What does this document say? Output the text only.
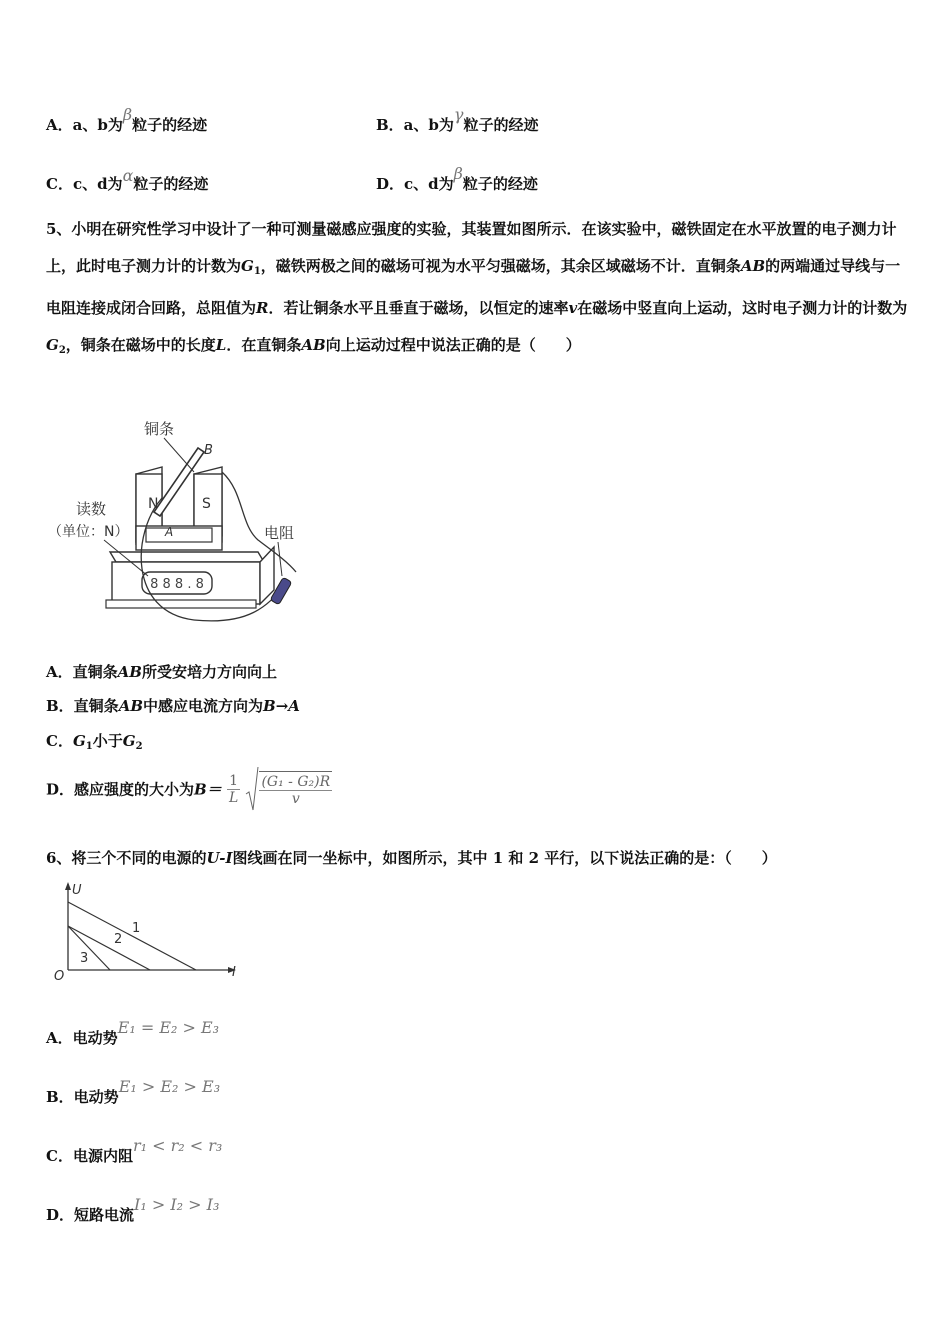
A．a、b为β粒子的经迹	B．a、b为γ粒子的经迹
C．c、d为α粒子的经迹	D．c、d为β粒子的经迹
5、小明在研究性学习中设计了一种可测量磁感应强度的实验，其装置如图所示．在该实验中，磁铁固定在水平放置的电子测力计上，此时电子测力计的计数为$G_1$，磁铁两极之间的磁场可视为水平匀强磁场，其余区域磁场不计．直铜条AB的两端通过导线与一电阻连接成闭合回路，总阻值为R．若让铜条水平且垂直于磁场，以恒定的速率v在磁场中竖直向上运动，这时电子测力计的计数为$G_2$，铜条在磁场中的长度L．在直铜条AB向上运动过程中说法正确的是（　　）
8 8 8 . 8
N	S
B
A
铜条
读数
（单位：N）	电阻
A．直铜条AB所受安培力方向向上
B．直铜条AB中感应电流方向为B→A
C．$G_1$小于$G_2$
D．感应强度的大小为$B= \frac{1}{L}$
$\frac{\text{(G₁ - G₂)R}}{v}$
6、将三个不同的电源的U-I图线画在同一坐标中，如图所示，其中 1 和 2 平行，以下说法正确的是：（　　）
U
I
O
1
2
3
A．电动势E₁ = E₂ > E₃
B．电动势E₁ > E₂ > E₃
C．电源内阻r₁ < r₂ < r₃
D．短路电流I₁ > I₂ > I₃
